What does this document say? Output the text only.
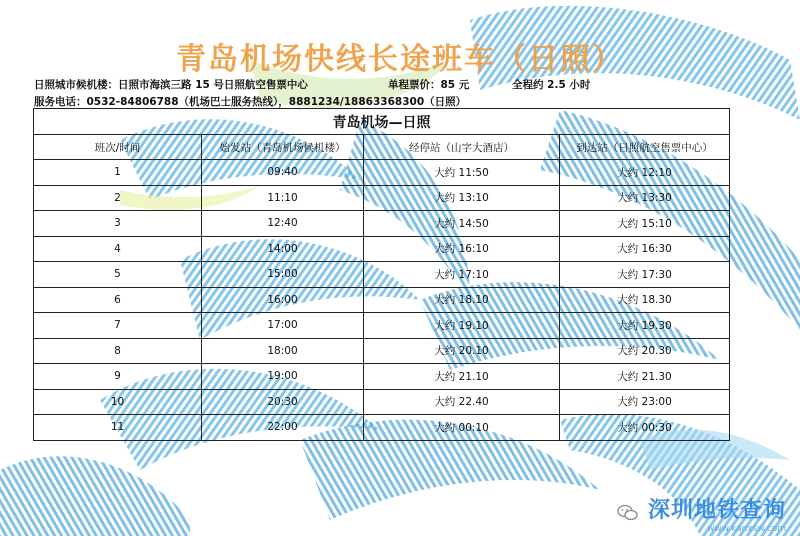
青岛机场快线长途班车（日照）
日照城市候机楼：日照市海滨三路 15 号日照航空售票中心	单程票价：85 元	全程约 2.5 小时
服务电话：0532-84806788（机场巴士服务热线），8881234/18863368300（日照）
青岛机场—日照			
班次/时间	始发站（青岛机场候机楼）	经停站（山字大酒店）	到达站（日照航空售票中心）
1	09:40	大约 11:50	大约 12:10
2	11:10	大约 13:10	大约 13:30
3	12:40	大约 14:50	大约 15:10
4	14:00	大约 16:10	大约 16:30
5	15:00	大约 17:10	大约 17:30
6	16:00	大约 18.10	大约 18.30
7	17:00	大约 19.10	大约 19.30
8	18:00	大约 20.10	大约 20.30
9	19:00	大约 21.10	大约 21.30
10	20:30	大约 22.40	大约 23:00
11	22:00	大约 00:10	大约 00:30
深圳地铁查询
www.kanxsw.com
